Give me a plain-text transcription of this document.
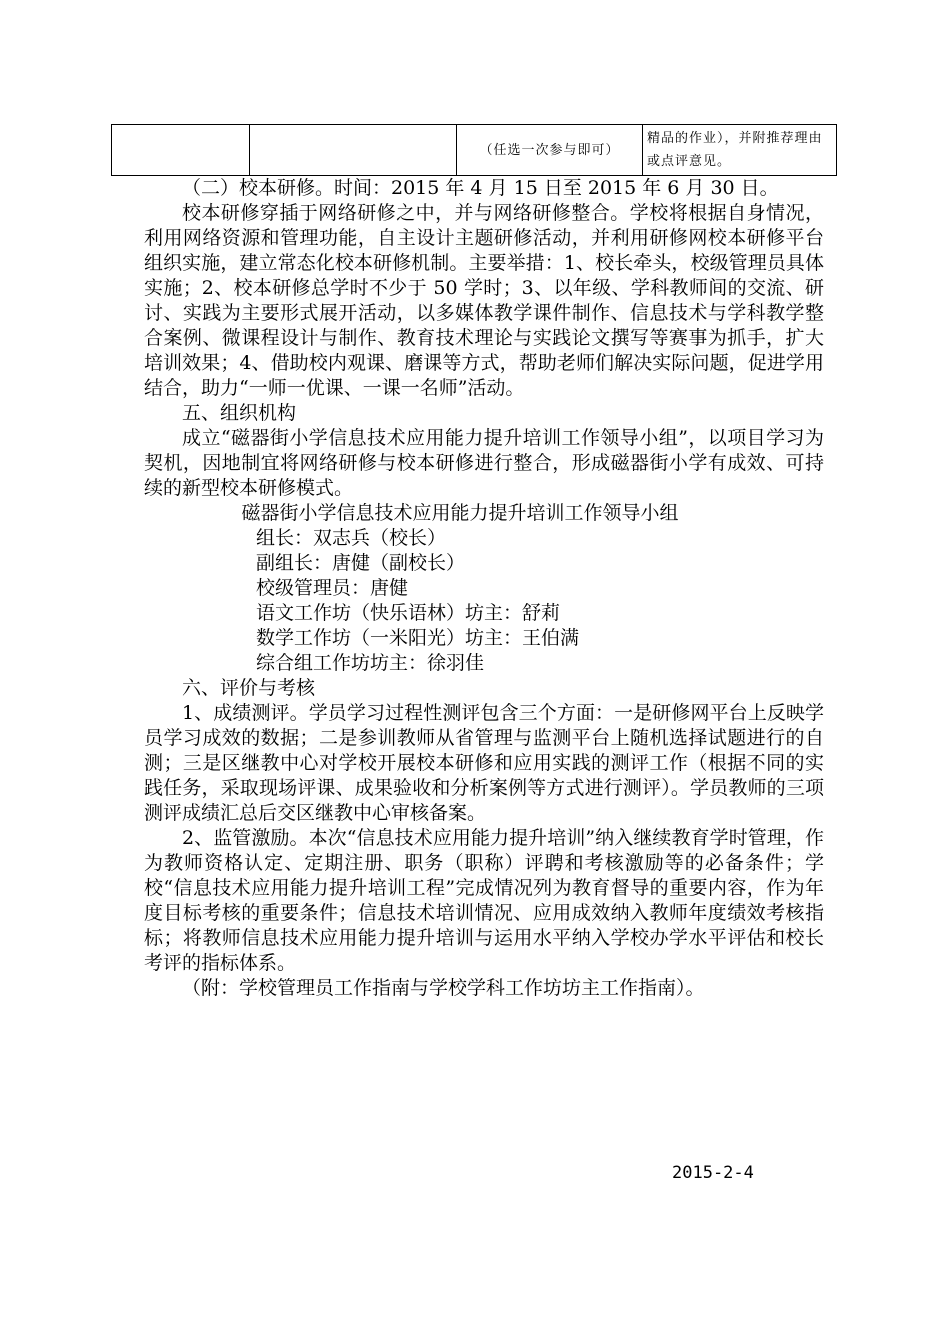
		（任选一次参与即可）	精品的作业），并附推荐理由或点评意见。

（二）校本研修。时间：2015 年 4 月 15 日至 2015 年 6 月 30 日。

校本研修穿插于网络研修之中，并与网络研修整合。学校将根据自身情况，利用网络资源和管理功能，自主设计主题研修活动，并利用研修网校本研修平台组织实施，建立常态化校本研修机制。主要举措：1、校长牵头，校级管理员具体实施；2、校本研修总学时不少于 50 学时；3、以年级、学科教师间的交流、研讨、实践为主要形式展开活动，以多媒体教学课件制作、信息技术与学科教学整合案例、微课程设计与制作、教育技术理论与实践论文撰写等赛事为抓手，扩大培训效果；4、借助校内观课、磨课等方式，帮助老师们解决实际问题，促进学用结合，助力“一师一优课、一课一名师”活动。

五、组织机构

成立“磁器街小学信息技术应用能力提升培训工作领导小组”，以项目学习为契机，因地制宜将网络研修与校本研修进行整合，形成磁器街小学有成效、可持续的新型校本研修模式。

磁器街小学信息技术应用能力提升培训工作领导小组

组长：双志兵（校长）

副组长：唐健（副校长）

校级管理员：唐健

语文工作坊（快乐语林）坊主：舒莉

数学工作坊（一米阳光）坊主：王伯满

综合组工作坊坊主：徐羽佳

六、评价与考核

1、成绩测评。学员学习过程性测评包含三个方面：一是研修网平台上反映学员学习成效的数据；二是参训教师从省管理与监测平台上随机选择试题进行的自测；三是区继教中心对学校开展校本研修和应用实践的测评工作（根据不同的实践任务，采取现场评课、成果验收和分析案例等方式进行测评）。学员教师的三项测评成绩汇总后交区继教中心审核备案。

2、监管激励。本次“信息技术应用能力提升培训”纳入继续教育学时管理，作为教师资格认定、定期注册、职务（职称）评聘和考核激励等的必备条件；学校“信息技术应用能力提升培训工程”完成情况列为教育督导的重要内容，作为年度目标考核的重要条件；信息技术培训情况、应用成效纳入教师年度绩效考核指标；将教师信息技术应用能力提升培训与运用水平纳入学校办学水平评估和校长考评的指标体系。

（附：学校管理员工作指南与学校学科工作坊坊主工作指南）。

2015-2-4
